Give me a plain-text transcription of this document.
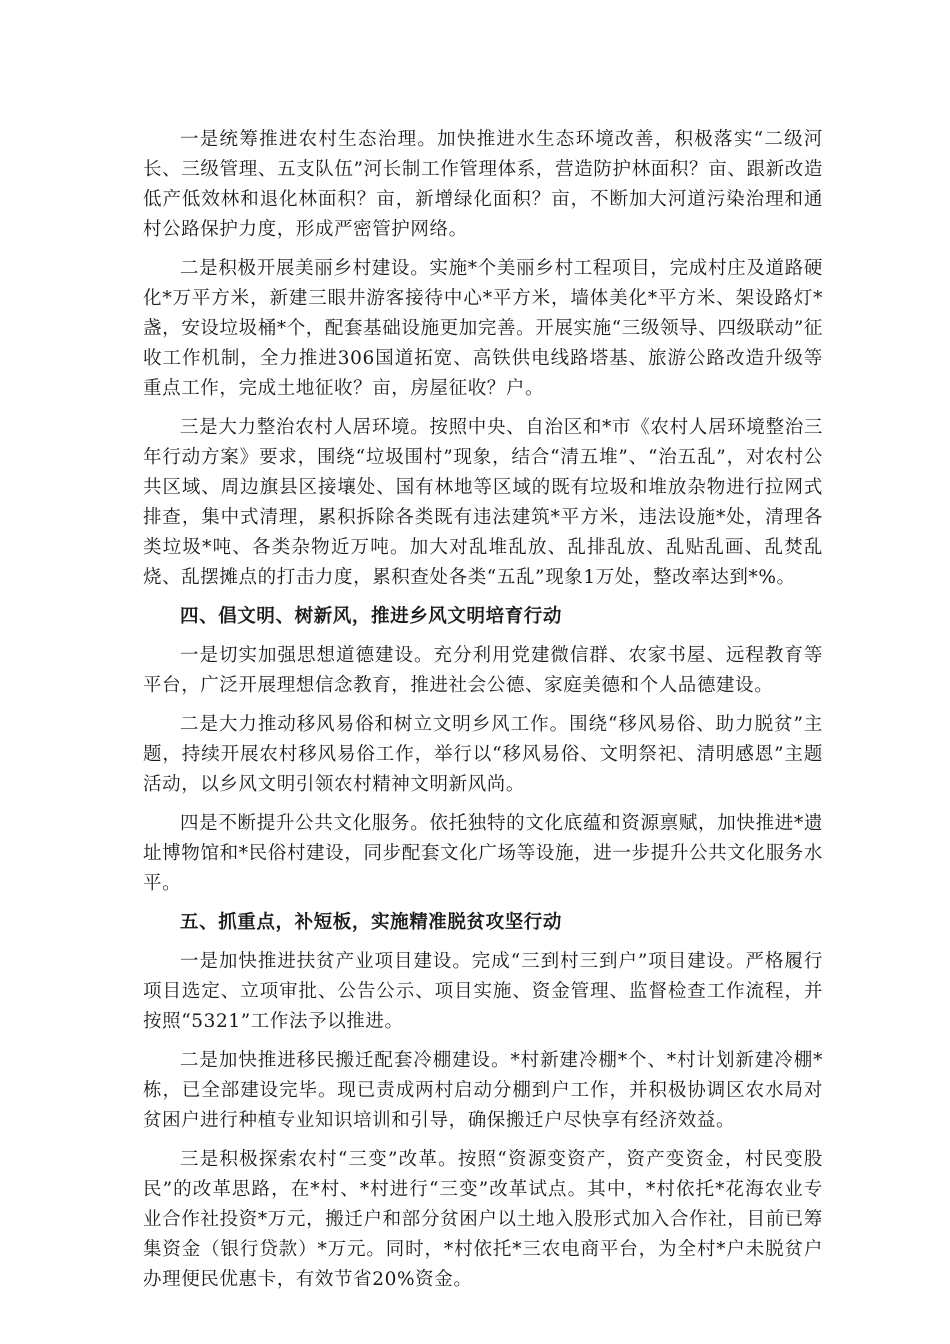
一是统筹推进农村生态治理。加快推进水生态环境改善，积极落实“二级河长、三级管理、五支队伍”河长制工作管理体系，营造防护林面积？亩、跟新改造低产低效林和退化林面积？亩，新增绿化面积？亩，不断加大河道污染治理和通村公路保护力度，形成严密管护网络。

二是积极开展美丽乡村建设。实施*个美丽乡村工程项目，完成村庄及道路硬化*万平方米，新建三眼井游客接待中心*平方米，墙体美化*平方米、架设路灯*盏，安设垃圾桶*个，配套基础设施更加完善。开展实施“三级领导、四级联动”征收工作机制，全力推进306国道拓宽、高铁供电线路塔基、旅游公路改造升级等重点工作，完成土地征收？亩，房屋征收？户。

三是大力整治农村人居环境。按照中央、自治区和*市《农村人居环境整治三年行动方案》要求，围绕“垃圾围村”现象，结合“清五堆”、“治五乱”，对农村公共区域、周边旗县区接壤处、国有林地等区域的既有垃圾和堆放杂物进行拉网式排查，集中式清理，累积拆除各类既有违法建筑*平方米，违法设施*处，清理各类垃圾*吨、各类杂物近万吨。加大对乱堆乱放、乱排乱放、乱贴乱画、乱焚乱烧、乱摆摊点的打击力度，累积查处各类“五乱”现象1万处，整改率达到*%。

四、倡文明、树新风，推进乡风文明培育行动

一是切实加强思想道德建设。充分利用党建微信群、农家书屋、远程教育等平台，广泛开展理想信念教育，推进社会公德、家庭美德和个人品德建设。

二是大力推动移风易俗和树立文明乡风工作。围绕“移风易俗、助力脱贫”主题，持续开展农村移风易俗工作，举行以“移风易俗、文明祭祀、清明感恩”主题活动，以乡风文明引领农村精神文明新风尚。

四是不断提升公共文化服务。依托独特的文化底蕴和资源禀赋，加快推进*遗址博物馆和*民俗村建设，同步配套文化广场等设施，进一步提升公共文化服务水平。

五、抓重点，补短板，实施精准脱贫攻坚行动

一是加快推进扶贫产业项目建设。完成“三到村三到户”项目建设。严格履行项目选定、立项审批、公告公示、项目实施、资金管理、监督检查工作流程，并按照“5321”工作法予以推进。

二是加快推进移民搬迁配套冷棚建设。*村新建冷棚*个、*村计划新建冷棚*栋，已全部建设完毕。现已责成两村启动分棚到户工作，并积极协调区农水局对贫困户进行种植专业知识培训和引导，确保搬迁户尽快享有经济效益。

三是积极探索农村“三变”改革。按照“资源变资产，资产变资金，村民变股民”的改革思路，在*村、*村进行“三变”改革试点。其中，*村依托*花海农业专业合作社投资*万元，搬迁户和部分贫困户以土地入股形式加入合作社，目前已筹集资金（银行贷款）*万元。同时，*村依托*三农电商平台，为全村*户未脱贫户办理便民优惠卡，有效节省20%资金。
